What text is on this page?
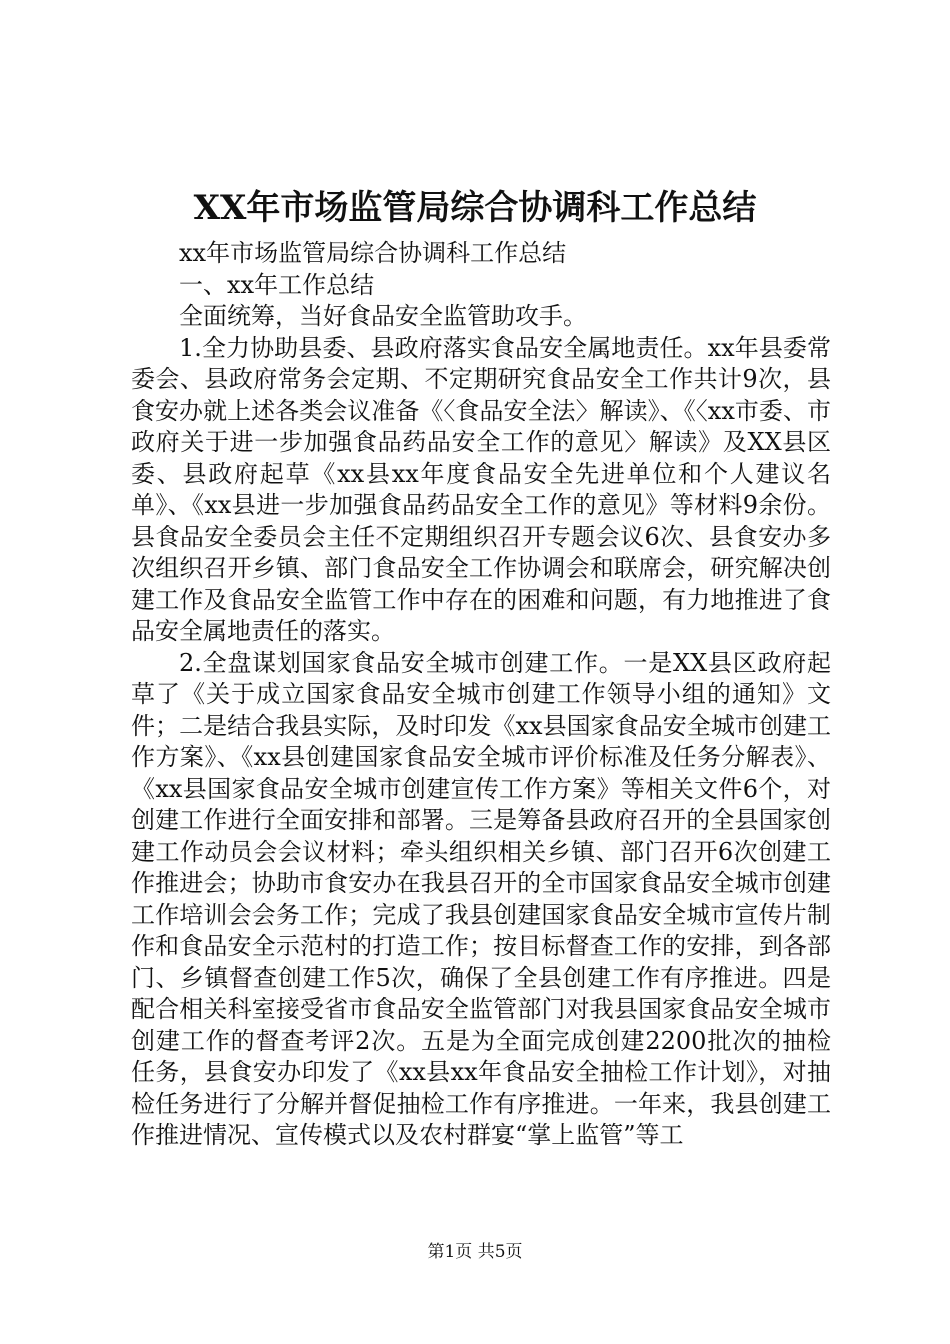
XX年市场监管局综合协调科工作总结

xx年市场监管局综合协调科工作总结

一、xx年工作总结

全面统筹，当好食品安全监管助攻手。

1.全力协助县委、县政府落实食品安全属地责任。xx年县委常委会、县政府常务会定期、不定期研究食品安全工作共计9次，县食安办就上述各类会议准备《〈食品安全法〉解读》、《〈xx市委、市政府关于进一步加强食品药品安全工作的意见〉解读》及XX县区委、县政府起草《xx县xx年度食品安全先进单位和个人建议名单》、《xx县进一步加强食品药品安全工作的意见》等材料9余份。县食品安全委员会主任不定期组织召开专题会议6次、县食安办多次组织召开乡镇、部门食品安全工作协调会和联席会，研究解决创建工作及食品安全监管工作中存在的困难和问题，有力地推进了食品安全属地责任的落实。

2.全盘谋划国家食品安全城市创建工作。一是XX县区政府起草了《关于成立国家食品安全城市创建工作领导小组的通知》文件；二是结合我县实际，及时印发《xx县国家食品安全城市创建工作方案》、《xx县创建国家食品安全城市评价标准及任务分解表》、《xx县国家食品安全城市创建宣传工作方案》等相关文件6个，对创建工作进行全面安排和部署。三是筹备县政府召开的全县国家创建工作动员会会议材料；牵头组织相关乡镇、部门召开6次创建工作推进会；协助市食安办在我县召开的全市国家食品安全城市创建工作培训会会务工作；完成了我县创建国家食品安全城市宣传片制作和食品安全示范村的打造工作；按目标督查工作的安排，到各部门、乡镇督查创建工作5次，确保了全县创建工作有序推进。四是配合相关科室接受省市食品安全监管部门对我县国家食品安全城市创建工作的督查考评2次。五是为全面完成创建2200批次的抽检任务，县食安办印发了《xx县xx年食品安全抽检工作计划》，对抽检任务进行了分解并督促抽检工作有序推进。一年来，我县创建工作推进情况、宣传模式以及农村群宴“掌上监管”等工

第1页 共5页
